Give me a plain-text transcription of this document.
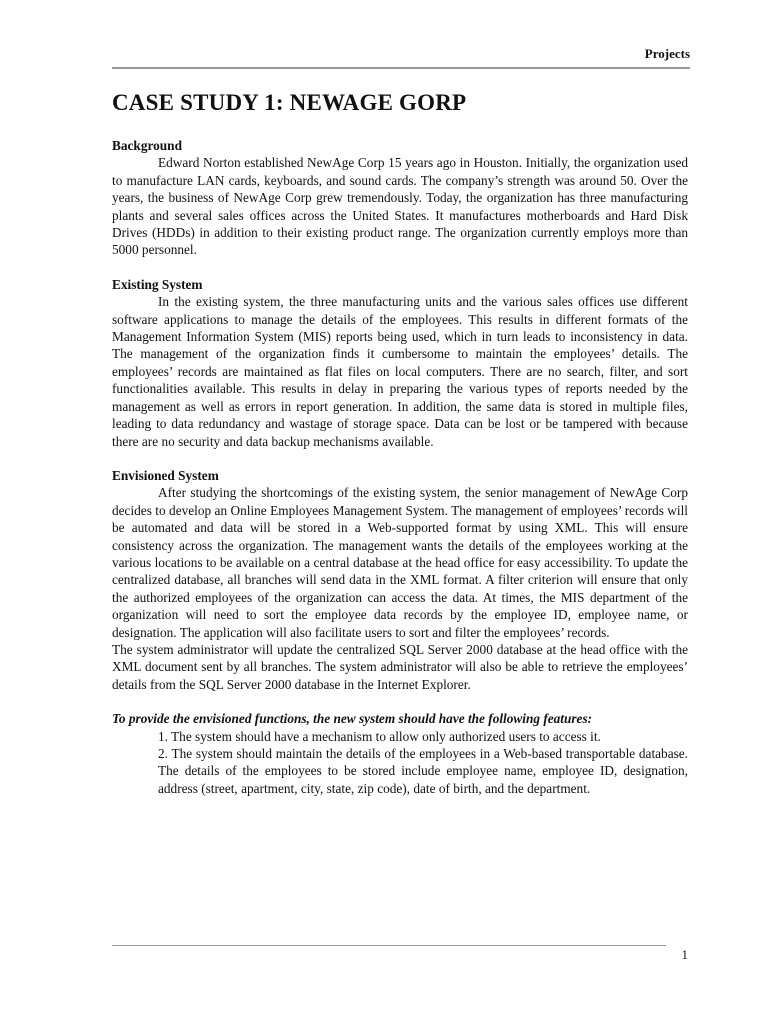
Projects
CASE STUDY 1: NEWAGE GORP

Background

Edward Norton established NewAge Corp 15 years ago in Houston. Initially, the organization used to manufacture LAN cards, keyboards, and sound cards. The company’s strength was around 50. Over the years, the business of NewAge Corp grew tremendously. Today, the organization has three manufacturing plants and several sales offices across the United States. It manufactures motherboards and Hard Disk Drives (HDDs) in addition to their existing product range. The organization currently employs more than 5000 personnel.

Existing System

In the existing system, the three manufacturing units and the various sales offices use different software applications to manage the details of the employees. This results in different formats of the Management Information System (MIS) reports being used, which in turn leads to inconsistency in data. The management of the organization finds it cumbersome to maintain the employees’ details. The employees’ records are maintained as flat files on local computers. There are no search, filter, and sort functionalities available. This results in delay in preparing the various types of reports needed by the management as well as errors in report generation. In addition, the same data is stored in multiple files, leading to data redundancy and wastage of storage space. Data can be lost or be tampered with because there are no security and data backup mechanisms available.

Envisioned System

After studying the shortcomings of the existing system, the senior management of NewAge Corp decides to develop an Online Employees Management System. The management of employees’ records will be automated and data will be stored in a Web-supported format by using XML. This will ensure consistency across the organization. The management wants the details of the employees working at the various locations to be available on a central database at the head office for easy accessibility. To update the centralized database, all branches will send data in the XML format. A filter criterion will ensure that only the authorized employees of the organization can access the data. At times, the MIS department of the organization will need to sort the employee data records by the employee ID, employee name, or designation. The application will also facilitate users to sort and filter the employees’ records.

The system administrator will update the centralized SQL Server 2000 database at the head office with the XML document sent by all branches. The system administrator will also be able to retrieve the employees’ details from the SQL Server 2000 database in the Internet Explorer.

To provide the envisioned functions, the new system should have the following features:

1. The system should have a mechanism to allow only authorized users to access it.

2. The system should maintain the details of the employees in a Web-based transportable database. The details of the employees to be stored include employee name, employee ID, designation, address (street, apartment, city, state, zip code), date of birth, and the department.

1
